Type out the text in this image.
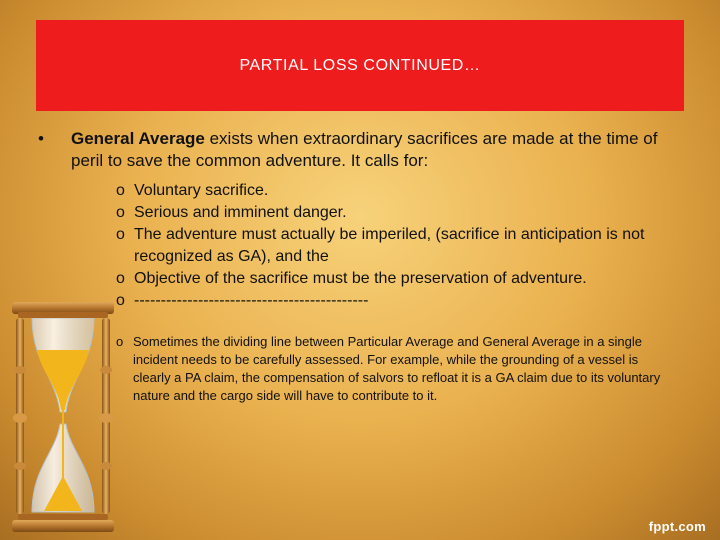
PARTIAL LOSS CONTINUED…
• General Average exists when extraordinary sacrifices are made at the time of peril to save the common adventure. It calls for:
o Voluntary sacrifice.
o Serious and imminent danger.
o The adventure must actually be imperiled, (sacrifice in anticipation is not recognized as GA), and the
o Objective of the sacrifice must be the preservation of adventure.
o --------------------------------------------
o Sometimes the dividing line between Particular Average and General Average in a single incident needs to be carefully assessed. For example, while the grounding of a vessel is clearly a PA claim, the compensation of salvors to refloat it is a GA claim due to its voluntary nature and the cargo side will have to contribute to it.
fppt.com
